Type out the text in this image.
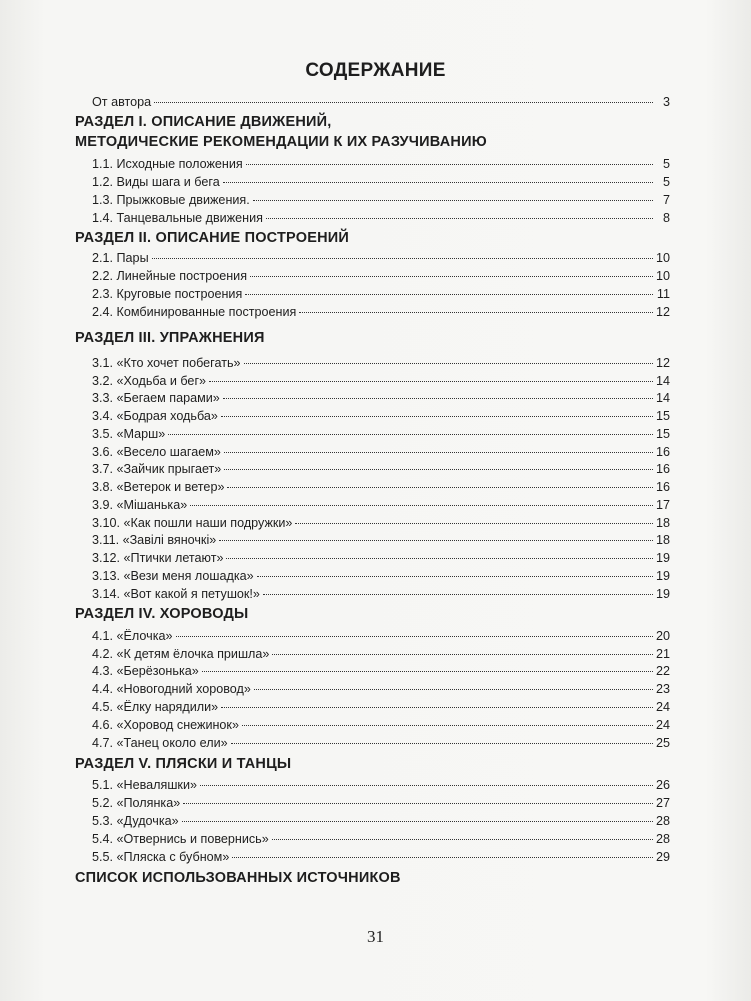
СОДЕРЖАНИЕ
От автора	3
РАЗДЕЛ I. ОПИСАНИЕ ДВИЖЕНИЙ,
МЕТОДИЧЕСКИЕ РЕКОМЕНДАЦИИ К ИХ РАЗУЧИВАНИЮ
1.1. Исходные положения	5
1.2. Виды шага и бега	5
1.3. Прыжковые движения.	7
1.4. Танцевальные движения	8
РАЗДЕЛ II. ОПИСАНИЕ ПОСТРОЕНИЙ
2.1. Пары	10
2.2. Линейные построения	10
2.3. Круговые построения	11
2.4. Комбинированные построения	12
РАЗДЕЛ III. УПРАЖНЕНИЯ
3.1. «Кто хочет побегать»	12
3.2. «Ходьба и бег»	14
3.3. «Бегаем парами»	14
3.4. «Бодрая ходьба»	15
3.5. «Марш»	15
3.6. «Весело шагаем»	16
3.7. «Зайчик прыгает»	16
3.8. «Ветерок и ветер»	16
3.9. «Мішанька»	17
3.10. «Как пошли наши подружки»	18
3.11. «Завілі вяночкі»	18
3.12. «Птички летают»	19
3.13. «Вези меня лошадка»	19
3.14. «Вот какой я петушок!»	19
РАЗДЕЛ IV. ХОРОВОДЫ
4.1. «Ёлочка»	20
4.2. «К детям ёлочка пришла»	21
4.3. «Берёзонька»	22
4.4. «Новогодний хоровод»	23
4.5. «Ёлку нарядили»	24
4.6. «Хоровод снежинок»	24
4.7. «Танец около ели»	25
РАЗДЕЛ V. ПЛЯСКИ И ТАНЦЫ
5.1. «Неваляшки»	26
5.2. «Полянка»	27
5.3. «Дудочка»	28
5.4. «Отвернись и повернись»	28
5.5. «Пляска с бубном»	29
СПИСОК ИСПОЛЬЗОВАННЫХ ИСТОЧНИКОВ
31
